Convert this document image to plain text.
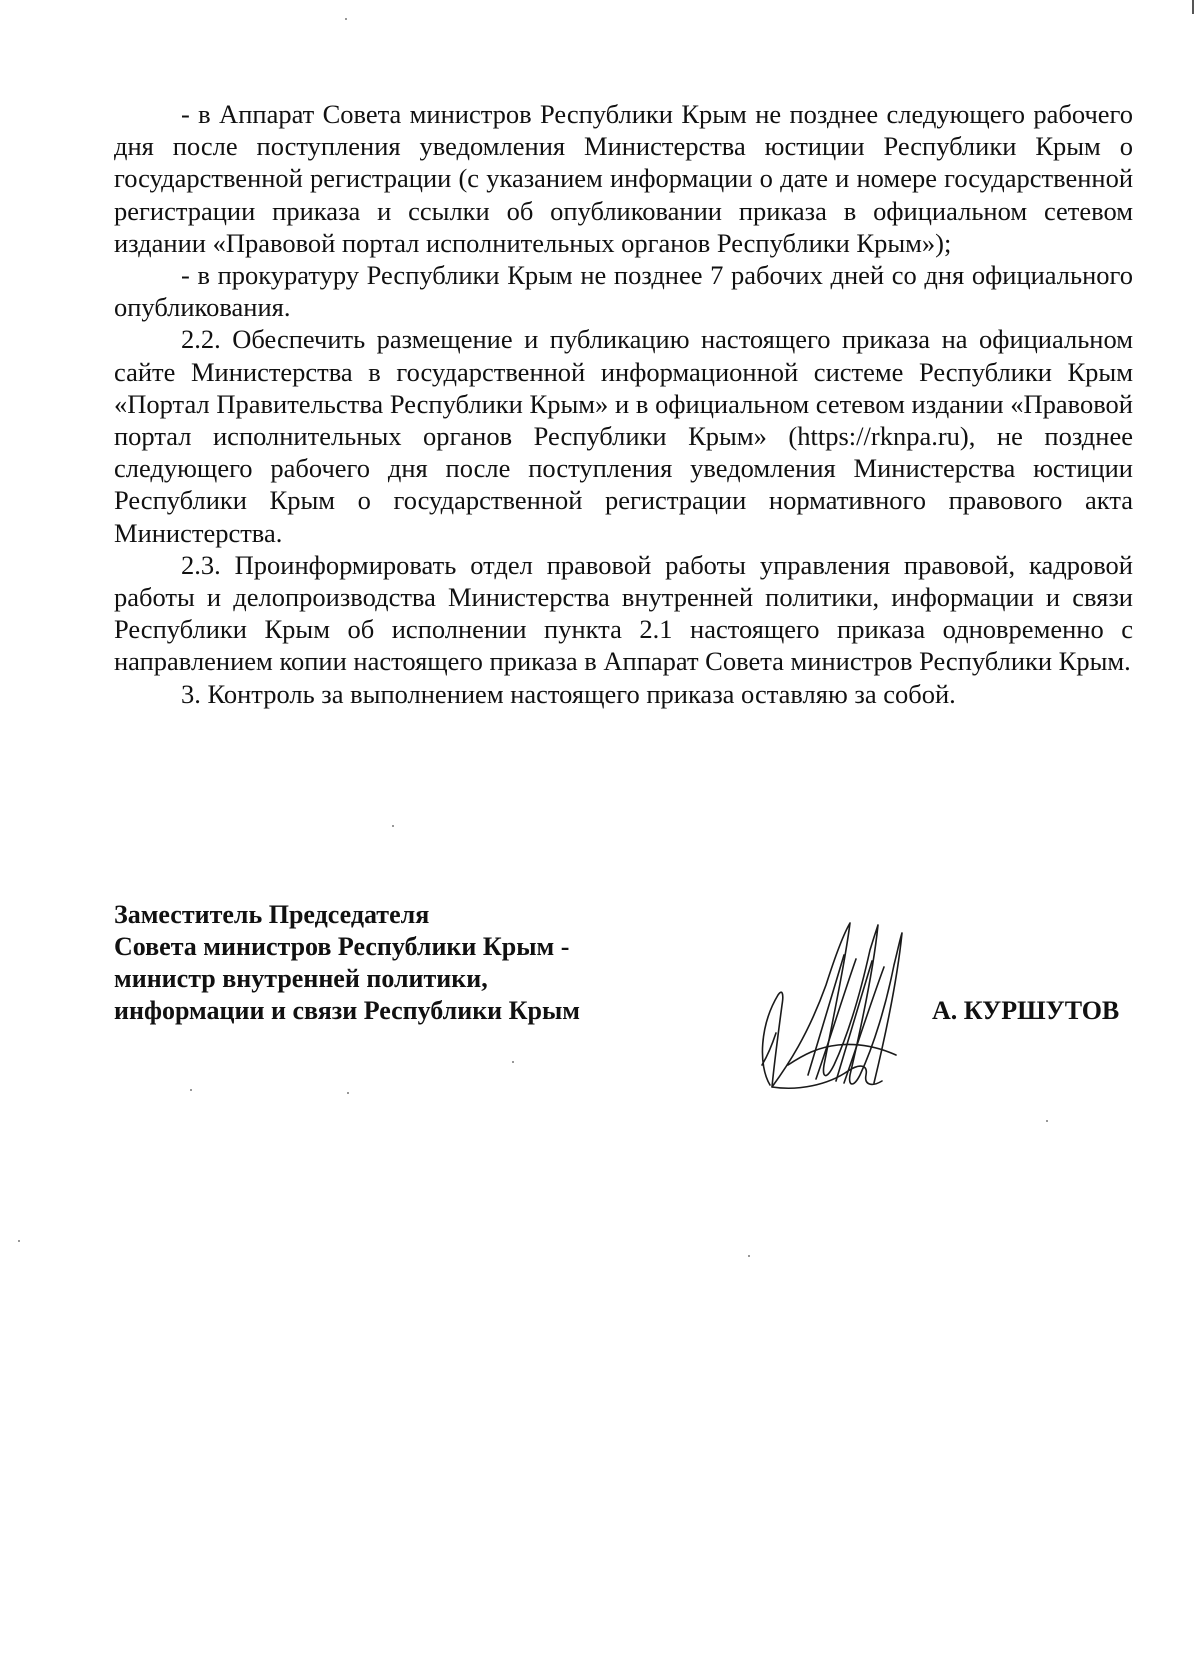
- в Аппарат Совета министров Республики Крым не позднее следующего рабочего дня после поступления уведомления Министерства юстиции Республики Крым о государственной регистрации (с указанием информации о дате и номере государственной регистрации приказа и ссылки об опубликовании приказа в официальном сетевом издании «Правовой портал исполнительных органов Республики Крым»);

- в прокуратуру Республики Крым не позднее 7 рабочих дней со дня официального опубликования.

2.2. Обеспечить размещение и публикацию настоящего приказа на официальном сайте Министерства в государственной информационной системе Республики Крым «Портал Правительства Республики Крым» и в официальном сетевом издании «Правовой портал исполнительных органов Республики Крым» (https://rknpa.ru), не позднее следующего рабочего дня после поступления уведомления Министерства юстиции Республики Крым о государственной регистрации нормативного правового акта Министерства.

2.3. Проинформировать отдел правовой работы управления правовой, кадровой работы и делопроизводства Министерства внутренней политики, информации и связи Республики Крым об исполнении пункта 2.1 настоящего приказа одновременно с направлением копии настоящего приказа в Аппарат Совета министров Республики Крым.

3. Контроль за выполнением настоящего приказа оставляю за собой.

Заместитель Председателя
Совета министров Республики Крым -
министр внутренней политики,
информации и связи Республики Крым	А. КУРШУТОВ
